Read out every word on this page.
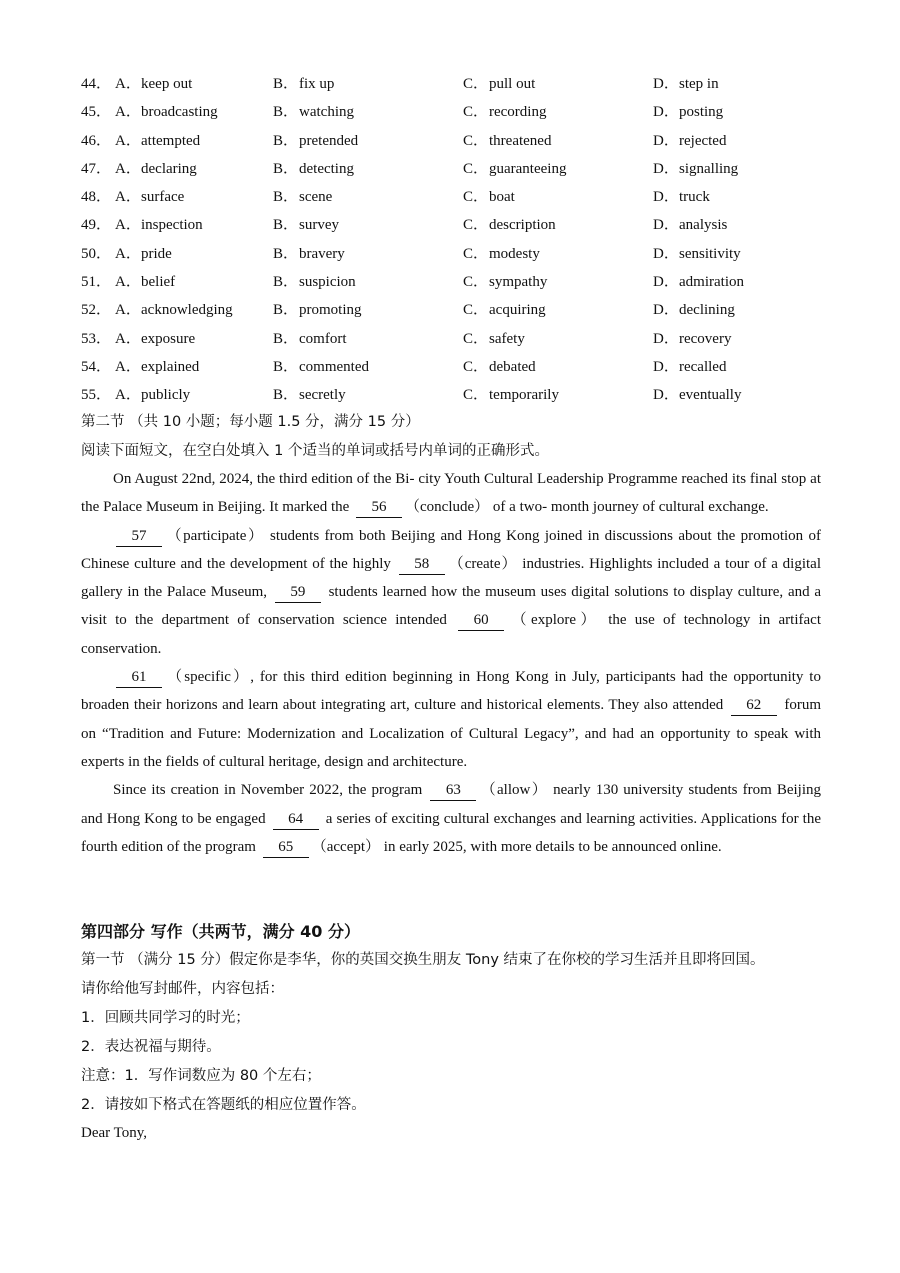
44． A．keep out	B．fix up	C．pull out	D．step in
45． A．broadcasting	B．watching	C．recording	D．posting
46． A．attempted	B．pretended	C．threatened	D．rejected
47． A．declaring	B．detecting	C．guaranteeing	D．signalling
48． A．surface	B．scene	C．boat	D．truck
49． A．inspection	B．survey	C．description	D．analysis
50． A．pride	B．bravery	C．modesty	D．sensitivity
51． A．belief	B．suspicion	C．sympathy	D．admiration
52． A．acknowledging	B．promoting	C．acquiring	D．declining
53． A．exposure	B．comfort	C．safety	D．recovery
54． A．explained	B．commented	C．debated	D．recalled
55． A．publicly	B．secretly	C．temporarily	D．eventually
第二节 （共 10 小题；每小题 1.5 分，满分 15 分）
阅读下面短文，在空白处填入 1 个适当的单词或括号内单词的正确形式。

On August 22nd, 2024, the third edition of the Bi- city Youth Cultural Leadership Programme reached its final stop at the Palace Museum in Beijing. It marked the 56 （conclude） of a two- month journey of cultural exchange.

57 （participate） students from both Beijing and Hong Kong joined in discussions about the promotion of Chinese culture and the development of the highly 58 （create） industries. Highlights included a tour of a digital gallery in the Palace Museum, 59 students learned how the museum uses digital solutions to display culture, and a visit to the department of conservation science intended 60 （explore） the use of technology in artifact conservation.

61 （specific）, for this third edition beginning in Hong Kong in July, participants had the opportunity to broaden their horizons and learn about integrating art, culture and historical elements. They also attended 62 forum on “Tradition and Future: Modernization and Localization of Cultural Legacy”, and had an opportunity to speak with experts in the fields of cultural heritage, design and architecture.

Since its creation in November 2022, the program 63 （allow） nearly 130 university students from Beijing and Hong Kong to be engaged 64 a series of exciting cultural exchanges and learning activities. Applications for the fourth edition of the program 65 （accept） in early 2025, with more details to be announced online.

第四部分 写作（共两节，满分 40 分）
第一节 （满分 15 分）假定你是李华，你的英国交换生朋友 Tony 结束了在你校的学习生活并且即将回国。
请你给他写封邮件，内容包括：
1．回顾共同学习的时光；
2．表达祝福与期待。
注意：1．写作词数应为 80 个左右；
2．请按如下格式在答题纸的相应位置作答。
Dear Tony,
